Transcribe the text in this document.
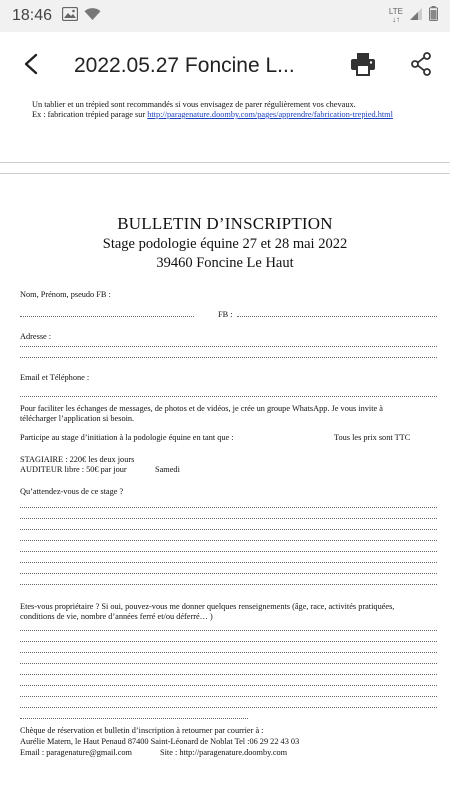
18:46	LTE
↓↑
2022.05.27 Foncine L...
Un tablier et un trépied sont recommandés si vous envisagez de parer régulièrement vos chevaux.
Ex : fabrication trépied parage sur http://paragenature.doomby.com/pages/apprendre/fabrication-trepied.html
BULLETIN D’INSCRIPTION
Stage podologie équine 27 et 28 mai 2022
39460 Foncine Le Haut
Nom, Prénom, pseudo FB :
FB :
Adresse :
Email et Téléphone :
Pour faciliter les échanges de messages, de photos et de vidéos, je crée un groupe WhatsApp. Je vous invite à
télécharger l’application si besoin.
Participe au stage d’initiation à la podologie équine en tant que :	Tous les prix sont TTC
STAGIAIRE : 220€ les deux jours
AUDITEUR libre : 50€ par jour	Samedi
Qu’attendez-vous de ce stage ?
Etes-vous propriétaire ? Si oui, pouvez-vous me donner quelques renseignements (âge, race, activités pratiquées,
conditions de vie, nombre d’années ferré et/ou déferré… )
Chèque de réservation et bulletin d’inscription à retourner par courrier à :
Aurélie Matern, le Haut Penaud 87400 Saint-Léonard de Noblat Tel :06 29 22 43 03
Email : paragenature@gmail.com	Site : http://paragenature.doomby.com
